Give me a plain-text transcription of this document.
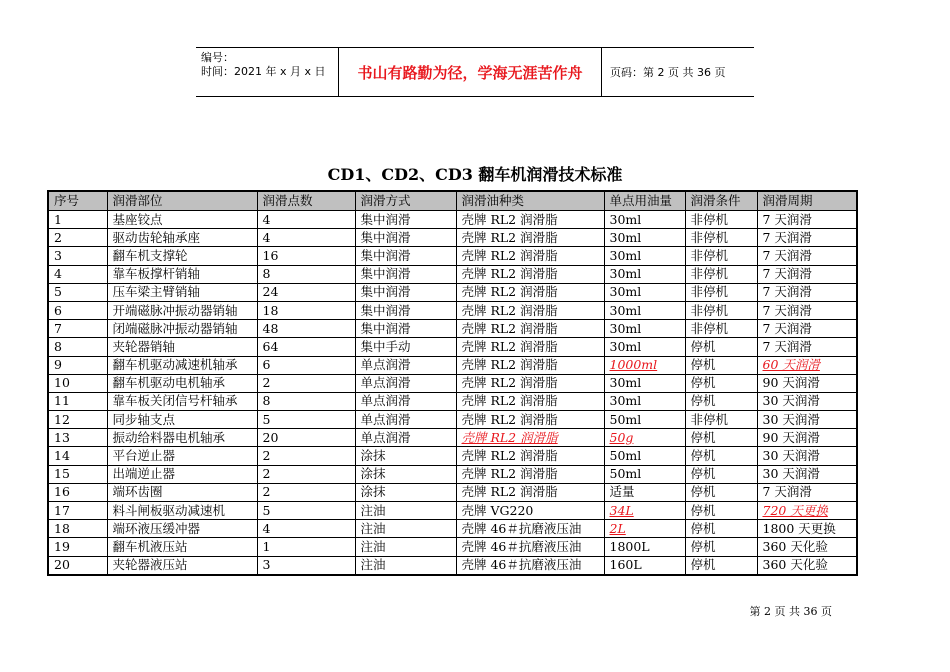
编号：
时间：2021 年 x 月 x 日	书山有路勤为径，学海无涯苦作舟	页码：第 2 页 共 36 页
CD1、CD2、CD3 翻车机润滑技术标准
序号	润滑部位	润滑点数	润滑方式	润滑油种类	单点用油量	润滑条件	润滑周期
1	基座铰点	4	集中润滑	壳牌 RL2 润滑脂	30ml	非停机	7 天润滑
2	驱动齿轮轴承座	4	集中润滑	壳牌 RL2 润滑脂	30ml	非停机	7 天润滑
3	翻车机支撑轮	16	集中润滑	壳牌 RL2 润滑脂	30ml	非停机	7 天润滑
4	靠车板撑杆销轴	8	集中润滑	壳牌 RL2 润滑脂	30ml	非停机	7 天润滑
5	压车梁主臂销轴	24	集中润滑	壳牌 RL2 润滑脂	30ml	非停机	7 天润滑
6	开端磁脉冲振动器销轴	18	集中润滑	壳牌 RL2 润滑脂	30ml	非停机	7 天润滑
7	闭端磁脉冲振动器销轴	48	集中润滑	壳牌 RL2 润滑脂	30ml	非停机	7 天润滑
8	夹轮器销轴	64	集中手动	壳牌 RL2 润滑脂	30ml	停机	7 天润滑
9	翻车机驱动减速机轴承	6	单点润滑	壳牌 RL2 润滑脂	1000ml	停机	60 天润滑
10	翻车机驱动电机轴承	2	单点润滑	壳牌 RL2 润滑脂	30ml	停机	90 天润滑
11	靠车板关闭信号杆轴承	8	单点润滑	壳牌 RL2 润滑脂	30ml	停机	30 天润滑
12	同步轴支点	5	单点润滑	壳牌 RL2 润滑脂	50ml	非停机	30 天润滑
13	振动给料器电机轴承	20	单点润滑	壳牌 RL2 润滑脂	50g	停机	90 天润滑
14	平台逆止器	2	涂抹	壳牌 RL2 润滑脂	50ml	停机	30 天润滑
15	出端逆止器	2	涂抹	壳牌 RL2 润滑脂	50ml	停机	30 天润滑
16	端环齿圈	2	涂抹	壳牌 RL2 润滑脂	适量	停机	7 天润滑
17	料斗闸板驱动减速机	5	注油	壳牌 VG220	34L	停机	720 天更换
18	端环液压缓冲器	4	注油	壳牌 46＃抗磨液压油	2L	停机	1800 天更换
19	翻车机液压站	1	注油	壳牌 46＃抗磨液压油	1800L	停机	360 天化验
20	夹轮器液压站	3	注油	壳牌 46＃抗磨液压油	160L	停机	360 天化验
第 2 页 共 36 页
